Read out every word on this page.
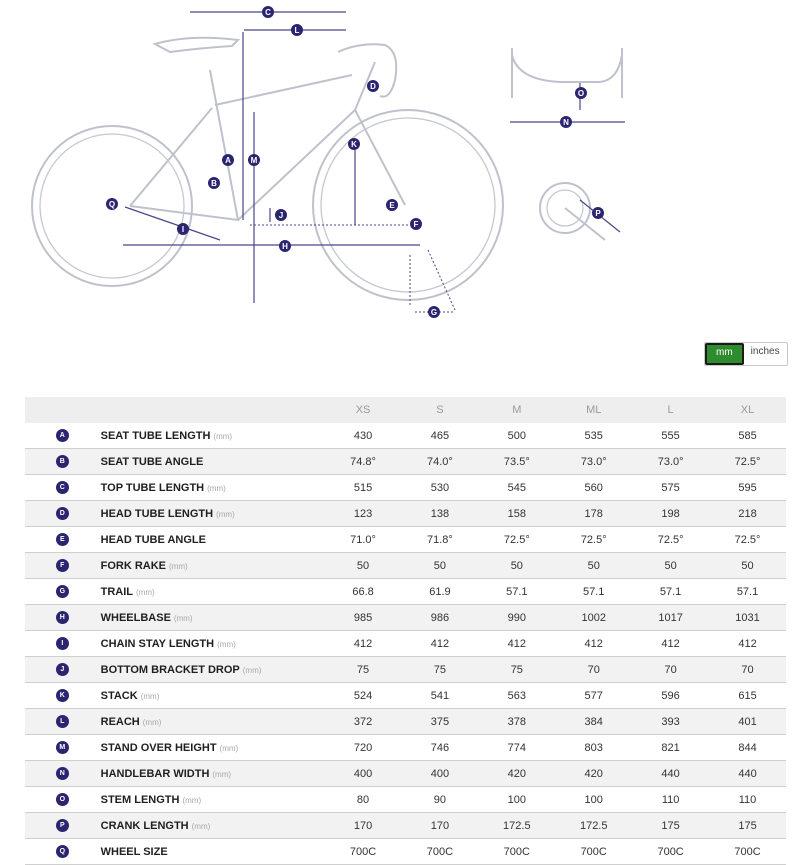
C
L
D
A M
K
B
Q	E
J
F
I
H
G
O
N
P
mm	inches
		XS	S	M	ML	L	XL
A	SEAT TUBE LENGTH (mm)	430	465	500	535	555	585
B	SEAT TUBE ANGLE	74.8°	74.0°	73.5°	73.0°	73.0°	72.5°
C	TOP TUBE LENGTH (mm)	515	530	545	560	575	595
D	HEAD TUBE LENGTH (mm)	123	138	158	178	198	218
E	HEAD TUBE ANGLE	71.0°	71.8°	72.5°	72.5°	72.5°	72.5°
F	FORK RAKE (mm)	50	50	50	50	50	50
G	TRAIL (mm)	66.8	61.9	57.1	57.1	57.1	57.1
H	WHEELBASE (mm)	985	986	990	1002	1017	1031
I	CHAIN STAY LENGTH (mm)	412	412	412	412	412	412
J	BOTTOM BRACKET DROP (mm)	75	75	75	70	70	70
K	STACK (mm)	524	541	563	577	596	615
L	REACH (mm)	372	375	378	384	393	401
M	STAND OVER HEIGHT (mm)	720	746	774	803	821	844
N	HANDLEBAR WIDTH (mm)	400	400	420	420	440	440
O	STEM LENGTH (mm)	80	90	100	100	110	110
P	CRANK LENGTH (mm)	170	170	172.5	172.5	175	175
Q	WHEEL SIZE	700C	700C	700C	700C	700C	700C
